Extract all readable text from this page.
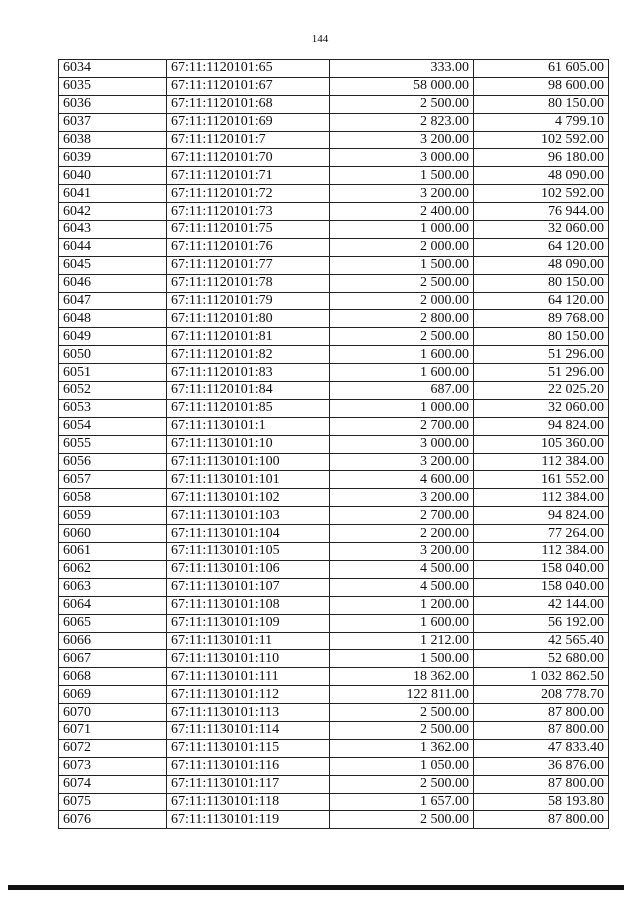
144
6034	67:11:1120101:65	333.00	61 605.00
6035	67:11:1120101:67	58 000.00	98 600.00
6036	67:11:1120101:68	2 500.00	80 150.00
6037	67:11:1120101:69	2 823.00	4 799.10
6038	67:11:1120101:7	3 200.00	102 592.00
6039	67:11:1120101:70	3 000.00	96 180.00
6040	67:11:1120101:71	1 500.00	48 090.00
6041	67:11:1120101:72	3 200.00	102 592.00
6042	67:11:1120101:73	2 400.00	76 944.00
6043	67:11:1120101:75	1 000.00	32 060.00
6044	67:11:1120101:76	2 000.00	64 120.00
6045	67:11:1120101:77	1 500.00	48 090.00
6046	67:11:1120101:78	2 500.00	80 150.00
6047	67:11:1120101:79	2 000.00	64 120.00
6048	67:11:1120101:80	2 800.00	89 768.00
6049	67:11:1120101:81	2 500.00	80 150.00
6050	67:11:1120101:82	1 600.00	51 296.00
6051	67:11:1120101:83	1 600.00	51 296.00
6052	67:11:1120101:84	687.00	22 025.20
6053	67:11:1120101:85	1 000.00	32 060.00
6054	67:11:1130101:1	2 700.00	94 824.00
6055	67:11:1130101:10	3 000.00	105 360.00
6056	67:11:1130101:100	3 200.00	112 384.00
6057	67:11:1130101:101	4 600.00	161 552.00
6058	67:11:1130101:102	3 200.00	112 384.00
6059	67:11:1130101:103	2 700.00	94 824.00
6060	67:11:1130101:104	2 200.00	77 264.00
6061	67:11:1130101:105	3 200.00	112 384.00
6062	67:11:1130101:106	4 500.00	158 040.00
6063	67:11:1130101:107	4 500.00	158 040.00
6064	67:11:1130101:108	1 200.00	42 144.00
6065	67:11:1130101:109	1 600.00	56 192.00
6066	67:11:1130101:11	1 212.00	42 565.40
6067	67:11:1130101:110	1 500.00	52 680.00
6068	67:11:1130101:111	18 362.00	1 032 862.50
6069	67:11:1130101:112	122 811.00	208 778.70
6070	67:11:1130101:113	2 500.00	87 800.00
6071	67:11:1130101:114	2 500.00	87 800.00
6072	67:11:1130101:115	1 362.00	47 833.40
6073	67:11:1130101:116	1 050.00	36 876.00
6074	67:11:1130101:117	2 500.00	87 800.00
6075	67:11:1130101:118	1 657.00	58 193.80
6076	67:11:1130101:119	2 500.00	87 800.00
